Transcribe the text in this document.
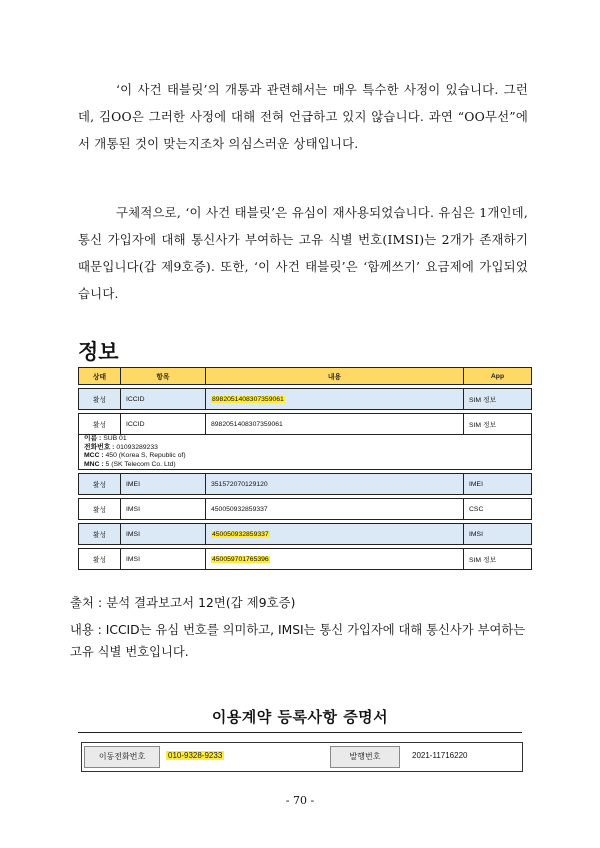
‘이 사건 태블릿’의 개통과 관련해서는 매우 특수한 사정이 있습니다. 그런데, 김OO은 그러한 사정에 대해 전혀 언급하고 있지 않습니다. 과연 “OO무선”에서 개통된 것이 맞는지조차 의심스러운 상태입니다.

구체적으로, ‘이 사건 태블릿’은 유심이 재사용되었습니다. 유심은 1개인데, 통신 가입자에 대해 통신사가 부여하는 고유 식별 번호(IMSI)는 2개가 존재하기 때문입니다(갑 제9호증). 또한, ‘이 사건 태블릿’은 ‘함께쓰기’ 요금제에 가입되었습니다.

정보
상태	항목	내용	App

활성	ICCID	8982051408307359061	SIM 정보

활성	ICCID	8982051408307359061	SIM 정보
이름 : SUB 01
전화번호 : 01093289233
MCC : 450 (Korea S, Republic of)
MNC : 5 (SK Telecom Co. Ltd)			

활성	IMEI	351572070129120	IMEI

활성	IMSI	450050932859337	CSC

활성	IMSI	450050932859337	IMSI

활성	IMSI	450059701765396	SIM 정보

출처 : 분석 결과보고서 12면(갑 제9호증)

내용 : ICCID는 유심 번호를 의미하고, IMSI는 통신 가입자에 대해 통신사가 부여하는 고유 식별 번호입니다.

이용계약 등록사항 증명서

이동전화번호	010-9328-9233	발행번호	2021-11716220

- 70 -
